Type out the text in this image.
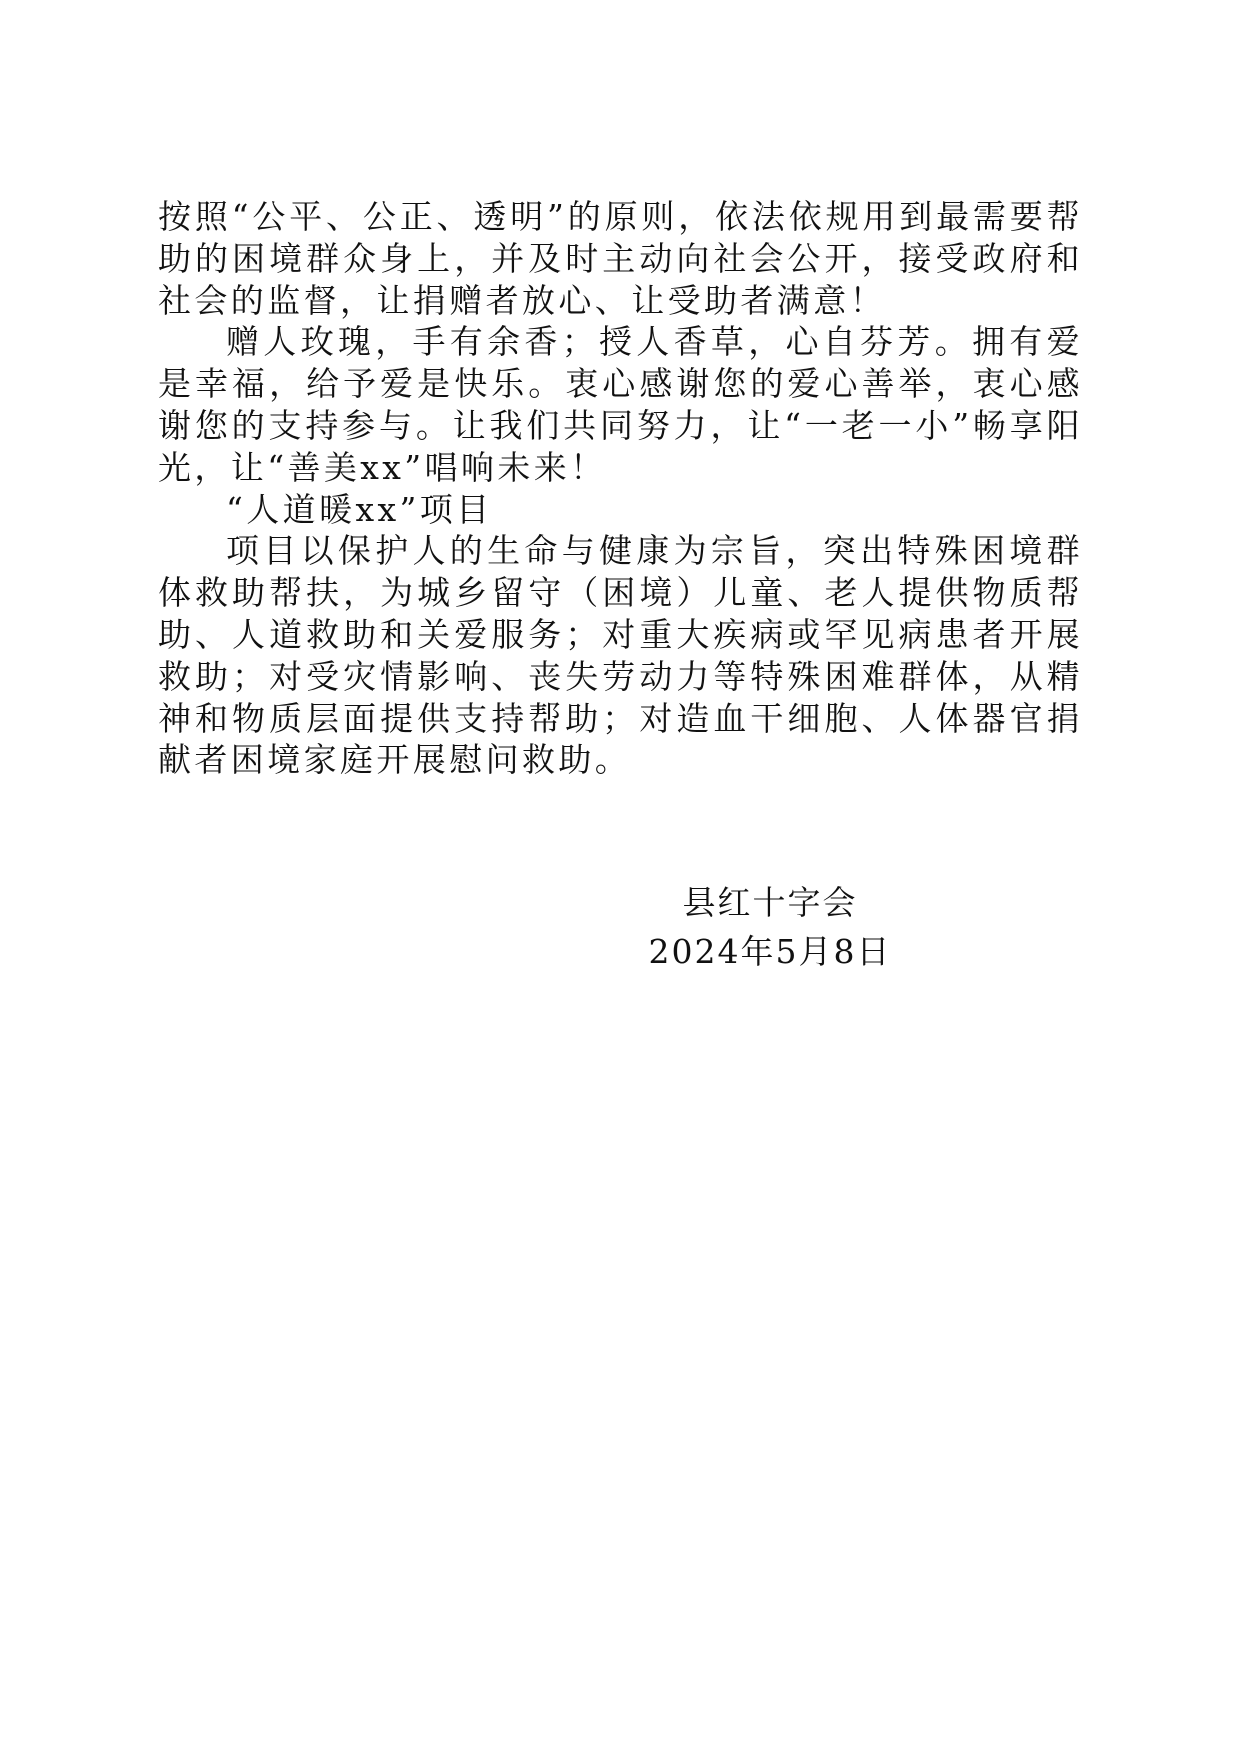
按照“公平、公正、透明”的原则，依法依规用到最需要帮助的困境群众身上，并及时主动向社会公开，接受政府和社会的监督，让捐赠者放心、让受助者满意！

赠人玫瑰，手有余香；授人香草，心自芬芳。拥有爱是幸福，给予爱是快乐。衷心感谢您的爱心善举，衷心感谢您的支持参与。让我们共同努力，让“一老一小”畅享阳光，让“善美xx”唱响未来！

“人道暖xx”项目

项目以保护人的生命与健康为宗旨，突出特殊困境群体救助帮扶，为城乡留守（困境）儿童、老人提供物质帮助、人道救助和关爱服务；对重大疾病或罕见病患者开展救助；对受灾情影响、丧失劳动力等特殊困难群体，从精神和物质层面提供支持帮助；对造血干细胞、人体器官捐献者困境家庭开展慰问救助。

县红十字会
2024年5月8日
